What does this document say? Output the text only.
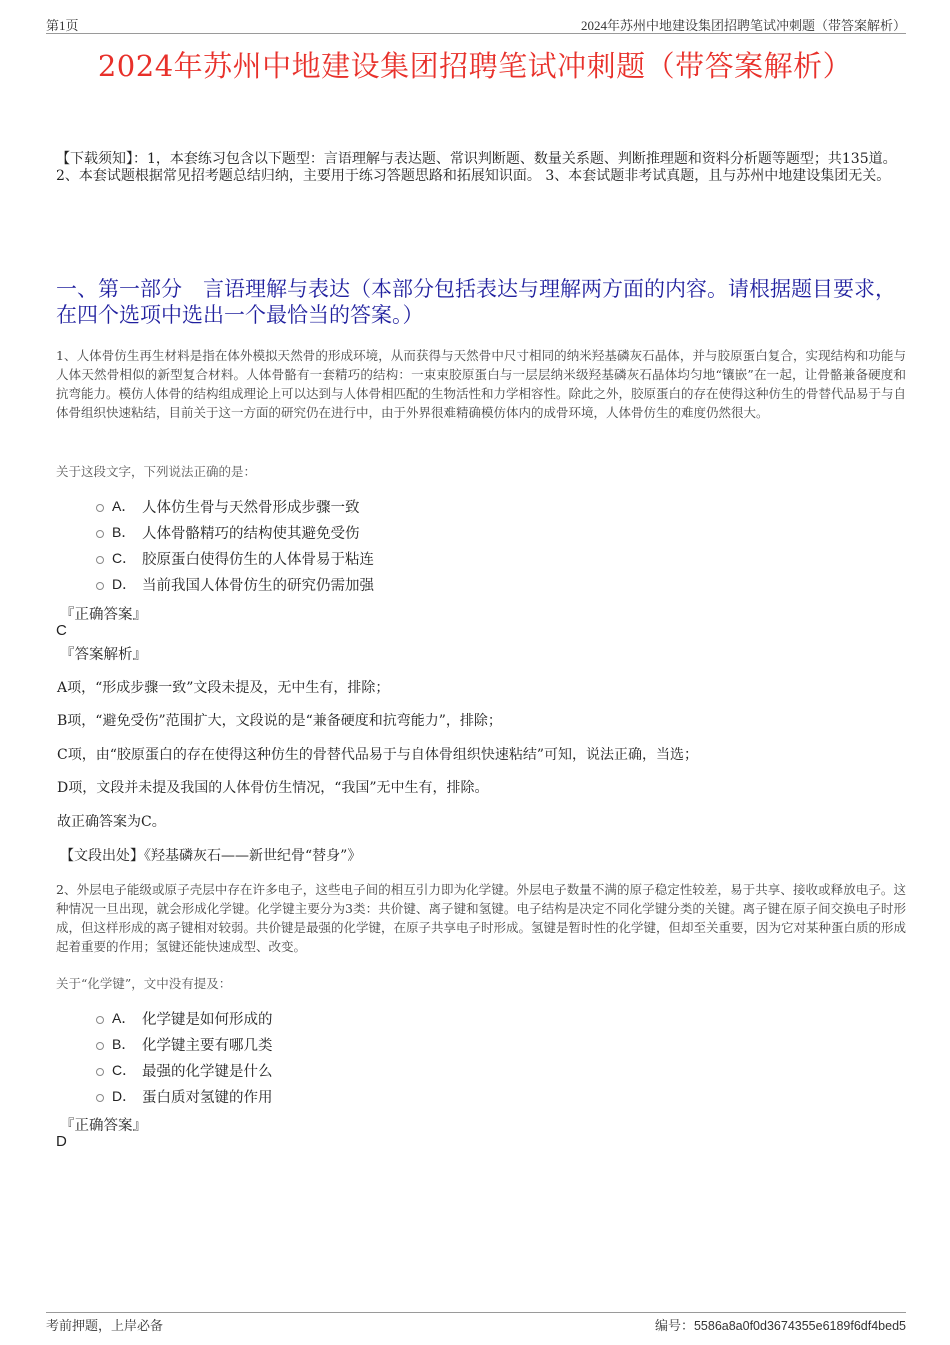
第1页	2024年苏州中地建设集团招聘笔试冲刺题（带答案解析）
2024年苏州中地建设集团招聘笔试冲刺题（带答案解析）
【下载须知】：1，本套练习包含以下题型：言语理解与表达题、常识判断题、数量关系题、判断推理题和资料分析题等题型；共135道。 2、本套试题根据常见招考题总结归纳，主要用于练习答题思路和拓展知识面。 3、本套试题非考试真题，且与苏州中地建设集团无关。
一、第一部分　言语理解与表达（本部分包括表达与理解两方面的内容。请根据题目要求，在四个选项中选出一个最恰当的答案。）
1、人体骨仿生再生材料是指在体外模拟天然骨的形成环境，从而获得与天然骨中尺寸相同的纳米羟基磷灰石晶体，并与胶原蛋白复合，实现结构和功能与人体天然骨相似的新型复合材料。人体骨骼有一套精巧的结构：一束束胶原蛋白与一层层纳米级羟基磷灰石晶体均匀地“镶嵌”在一起，让骨骼兼备硬度和抗弯能力。模仿人体骨的结构组成理论上可以达到与人体骨相匹配的生物活性和力学相容性。除此之外，胶原蛋白的存在使得这种仿生的骨替代品易于与自体骨组织快速粘结，目前关于这一方面的研究仍在进行中，由于外界很难精确模仿体内的成骨环境，人体骨仿生的难度仍然很大。
关于这段文字，下列说法正确的是：
A． 人体仿生骨与天然骨形成步骤一致
B． 人体骨骼精巧的结构使其避免受伤
C． 胶原蛋白使得仿生的人体骨易于粘连
D． 当前我国人体骨仿生的研究仍需加强
『正确答案』
C
『答案解析』
A项，“形成步骤一致”文段未提及，无中生有，排除；
B项，“避免受伤”范围扩大，文段说的是“兼备硬度和抗弯能力”，排除；
C项，由“胶原蛋白的存在使得这种仿生的骨替代品易于与自体骨组织快速粘结”可知，说法正确，当选；
D项，文段并未提及我国的人体骨仿生情况，“我国”无中生有，排除。
故正确答案为C。
【文段出处】《羟基磷灰石——新世纪骨“替身”》
2、外层电子能级或原子壳层中存在许多电子，这些电子间的相互引力即为化学键。外层电子数量不满的原子稳定性较差，易于共享、接收或释放电子。这种情况一旦出现，就会形成化学键。化学键主要分为3类：共价键、离子键和氢键。电子结构是决定不同化学键分类的关键。离子键在原子间交换电子时形成，但这样形成的离子键相对较弱。共价键是最强的化学键，在原子共享电子时形成。氢键是暂时性的化学键，但却至关重要，因为它对某种蛋白质的形成起着重要的作用；氢键还能快速成型、改变。
关于“化学键”，文中没有提及：
A． 化学键是如何形成的
B． 化学键主要有哪几类
C． 最强的化学键是什么
D． 蛋白质对氢键的作用
『正确答案』
D
考前押题，上岸必备	编号：5586a8a0f0d3674355e6189f6df4bed5
